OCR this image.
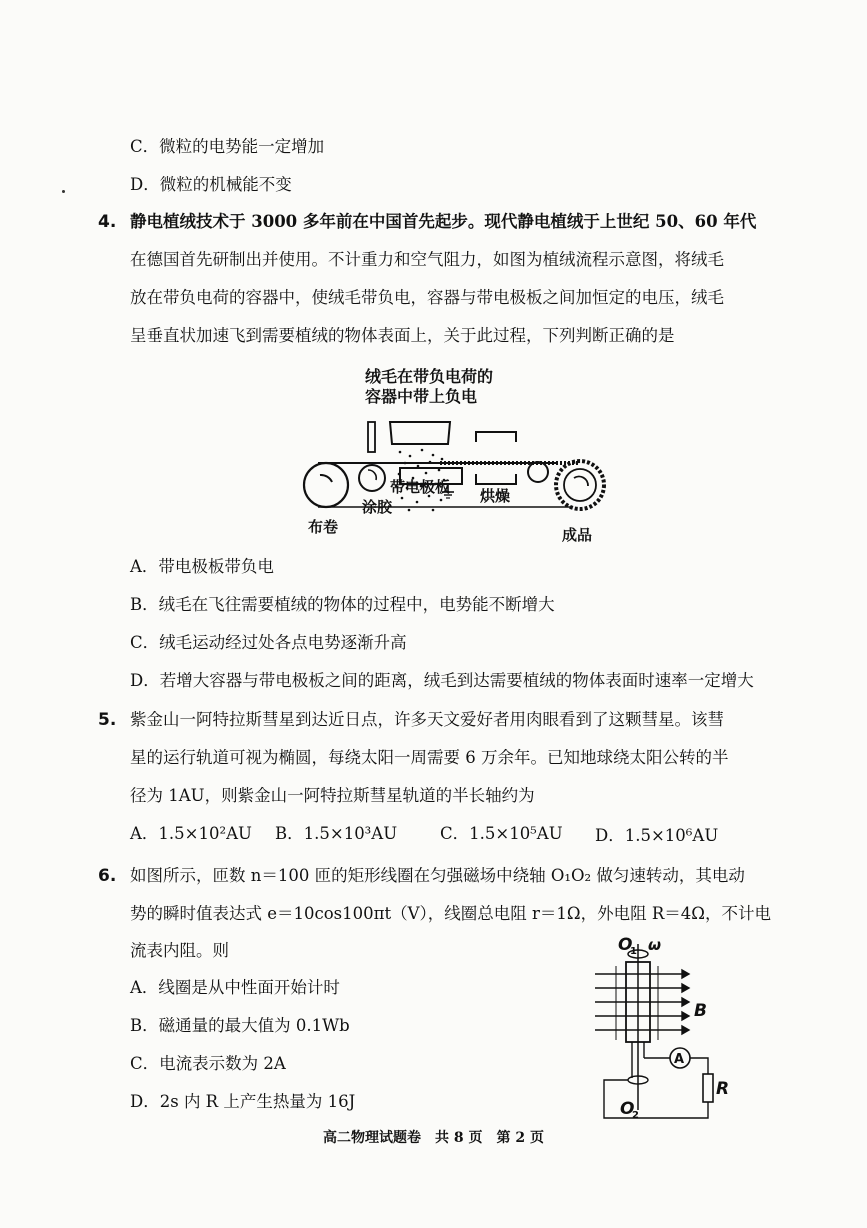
C．微粒的电势能一定增加
D．微粒的机械能不变
4. 静电植绒技术于 3000 多年前在中国首先起步。现代静电植绒于上世纪 50、60 年代
在德国首先研制出并使用。不计重力和空气阻力，如图为植绒流程示意图，将绒毛
放在带负电荷的容器中，使绒毛带负电，容器与带电极板之间加恒定的电压，绒毛
呈垂直状加速飞到需要植绒的物体表面上，关于此过程，下列判断正确的是
绒毛在带负电荷的
容器中带上负电
带电极板
涂胶
烘燥
布卷	成品
A．带电极板带负电
B．绒毛在飞往需要植绒的物体的过程中，电势能不断增大
C．绒毛运动经过处各点电势逐渐升高
D．若增大容器与带电极板之间的距离，绒毛到达需要植绒的物体表面时速率一定增大
5. 紫金山一阿特拉斯彗星到达近日点，许多天文爱好者用肉眼看到了这颗彗星。该彗
星的运行轨道可视为椭圆，每绕太阳一周需要 6 万余年。已知地球绕太阳公转的半
径为 1AU，则紫金山一阿特拉斯彗星轨道的半长轴约为
A．1.5×10²AU B．1.5×10³AU	C．1.5×10⁵AU D．1.5×10⁶AU
6. 如图所示，匝数 n＝100 匝的矩形线圈在匀强磁场中绕轴 O₁O₂ 做匀速转动，其电动
势的瞬时值表达式 e＝10cos100πt（V），线圈总电阻 r＝1Ω，外电阻 R＝4Ω，不计电
流表内阻。则
A．线圈是从中性面开始计时
B．磁通量的最大值为 0.1Wb
C．电流表示数为 2A
D．2s 内 R 上产生热量为 16J
O
1 ω
B
A
R
O
2
高二物理试题卷　共 8 页　第 2 页
